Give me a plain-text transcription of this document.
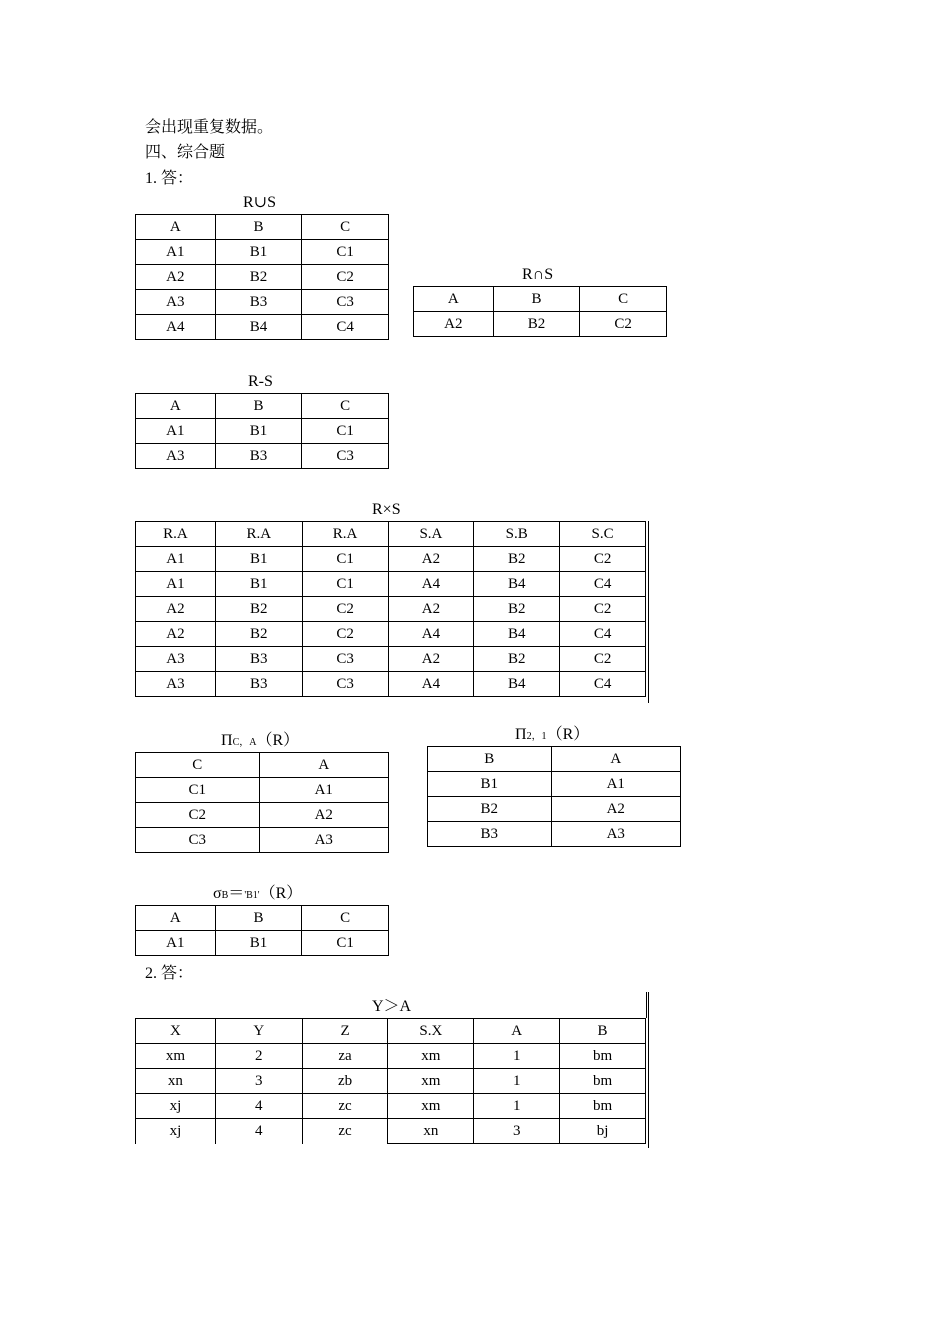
会出现重复数据。
四、综合题
1. 答：
R∪S
A	B	C
A1	B1	C1
A2	B2	C2
A3	B3	C3
A4	B4	C4
R∩S
A	B	C
A2	B2	C2
R-S
A	B	C
A1	B1	C1
A3	B3	C3
R×S
R.A	R.A	R.A	S.A	S.B	S.C
A1	B1	C1	A2	B2	C2
A1	B1	C1	A4	B4	C4
A2	B2	C2	A2	B2	C2
A2	B2	C2	A4	B4	C4
A3	B3	C3	A2	B2	C2
A3	B3	C3	A4	B4	C4
ΠC，A（R）
C	A
C1	A1
C2	A2
C3	A3
Π2，1（R）
B	A
B1	A1
B2	A2
B3	A3
σB＝'B1'（R）
A	B	C
A1	B1	C1
2. 答：
Y＞A
X	Y	Z	S.X	A	B
xm	2	za	xm	1	bm
xn	3	zb	xm	1	bm
xj	4	zc	xm	1	bm
xj	4	zc	xn	3	bj
